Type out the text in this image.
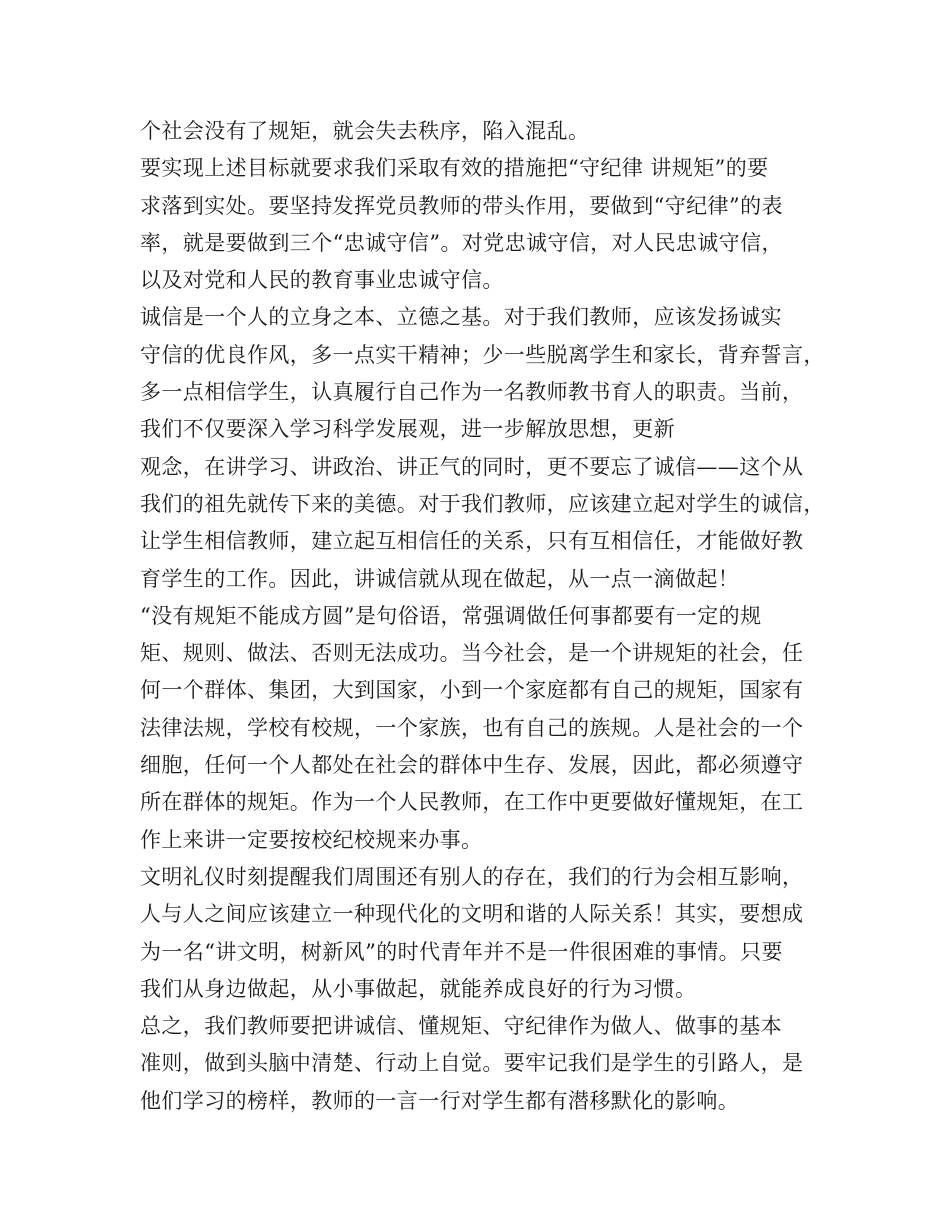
个社会没有了规矩，就会失去秩序，陷入混乱。
要实现上述目标就要求我们采取有效的措施把“守纪律 讲规矩”的要
求落到实处。要坚持发挥党员教师的带头作用，要做到“守纪律”的表
率，就是要做到三个“忠诚守信”。对党忠诚守信，对人民忠诚守信，
以及对党和人民的教育事业忠诚守信。
诚信是一个人的立身之本、立德之基。对于我们教师，应该发扬诚实
守信的优良作风，多一点实干精神；少一些脱离学生和家长，背弃誓言，
多一点相信学生，认真履行自己作为一名教师教书育人的职责。当前，
我们不仅要深入学习科学发展观，进一步解放思想，更新
观念，在讲学习、讲政治、讲正气的同时，更不要忘了诚信——这个从
我们的祖先就传下来的美德。对于我们教师，应该建立起对学生的诚信，
让学生相信教师，建立起互相信任的关系，只有互相信任，才能做好教
育学生的工作。因此，讲诚信就从现在做起，从一点一滴做起！
“没有规矩不能成方圆”是句俗语，常强调做任何事都要有一定的规
矩、规则、做法、否则无法成功。当今社会，是一个讲规矩的社会，任
何一个群体、集团，大到国家，小到一个家庭都有自己的规矩，国家有
法律法规，学校有校规，一个家族，也有自己的族规。人是社会的一个
细胞，任何一个人都处在社会的群体中生存、发展，因此，都必须遵守
所在群体的规矩。作为一个人民教师，在工作中更要做好懂规矩，在工
作上来讲一定要按校纪校规来办事。
文明礼仪时刻提醒我们周围还有别人的存在，我们的行为会相互影响，
人与人之间应该建立一种现代化的文明和谐的人际关系！其实，要想成
为一名“讲文明，树新风”的时代青年并不是一件很困难的事情。只要
我们从身边做起，从小事做起，就能养成良好的行为习惯。
总之，我们教师要把讲诚信、懂规矩、守纪律作为做人、做事的基本
准则，做到头脑中清楚、行动上自觉。要牢记我们是学生的引路人，是
他们学习的榜样，教师的一言一行对学生都有潜移默化的影响。
